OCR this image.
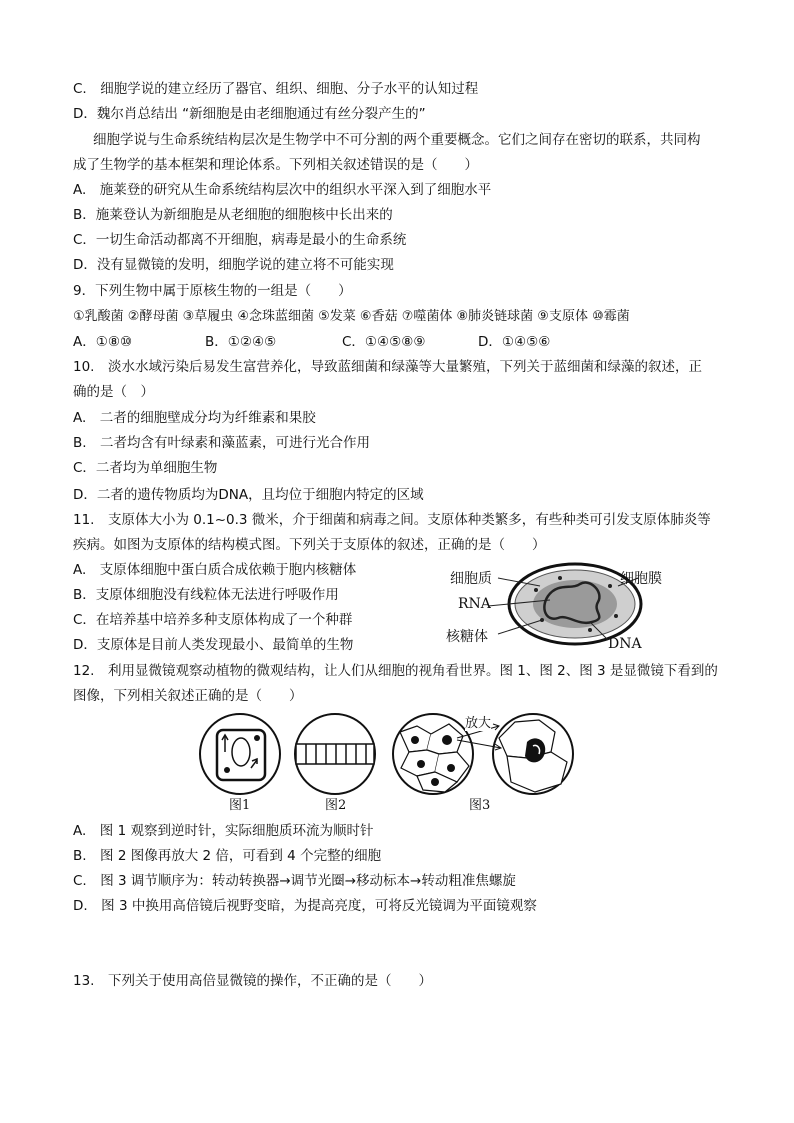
C.　细胞学说的建立经历了器官、组织、细胞、分子水平的认知过程
D．魏尔肖总结出 “新细胞是由老细胞通过有丝分裂产生的”
细胞学说与生命系统结构层次是生物学中不可分割的两个重要概念。它们之间存在密切的联系，共同构
成了生物学的基本框架和理论体系。下列相关叙述错误的是（　　）
A.　施莱登的研究从生命系统结构层次中的组织水平深入到了细胞水平
B．施莱登认为新细胞是从老细胞的细胞核中长出来的
C．一切生命活动都离不开细胞，病毒是最小的生命系统
D．没有显微镜的发明，细胞学说的建立将不可能实现
9．下列生物中属于原核生物的一组是（　　）
①乳酸菌 ②酵母菌 ③草履虫 ④念珠蓝细菌 ⑤发菜 ⑥香菇 ⑦噬菌体 ⑧肺炎链球菌 ⑨支原体 ⑩霉菌
A．①⑧⑩	B．①②④⑤	C．①④⑤⑧⑨	D．①④⑤⑥
10.　淡水水域污染后易发生富营养化，导致蓝细菌和绿藻等大量繁殖，下列关于蓝细菌和绿藻的叙述，正
确的是（　）
A.　二者的细胞壁成分均为纤维素和果胶
B.　二者均含有叶绿素和藻蓝素，可进行光合作用
C．二者均为单细胞生物
D．二者的遗传物质均为DNA，且均位于细胞内特定的区域
11.　支原体大小为 0.1~0.3 微米，介于细菌和病毒之间。支原体种类繁多，有些种类可引发支原体肺炎等
疾病。如图为支原体的结构模式图。下列关于支原体的叙述，正确的是（　　）
A.　支原体细胞中蛋白质合成依赖于胞内核糖体
B．支原体细胞没有线粒体无法进行呼吸作用
C．在培养基中培养多种支原体构成了一个种群
D．支原体是目前人类发现最小、最简单的生物
细胞质	细胞膜
RNA
核糖体	DNA
12.　利用显微镜观察动植物的微观结构，让人们从细胞的视角看世界。图 1、图 2、图 3 是显微镜下看到的
图像，下列相关叙述正确的是（　　）
放大
图1	图2	图3
A.　图 1 观察到逆时针，实际细胞质环流为顺时针
B.　图 2 图像再放大 2 倍，可看到 4 个完整的细胞
C.　图 3 调节顺序为：转动转换器→调节光圈→移动标本→转动粗准焦螺旋
D.　图 3 中换用高倍镜后视野变暗，为提高亮度，可将反光镜调为平面镜观察
13.　下列关于使用高倍显微镜的操作，不正确的是（　　）
